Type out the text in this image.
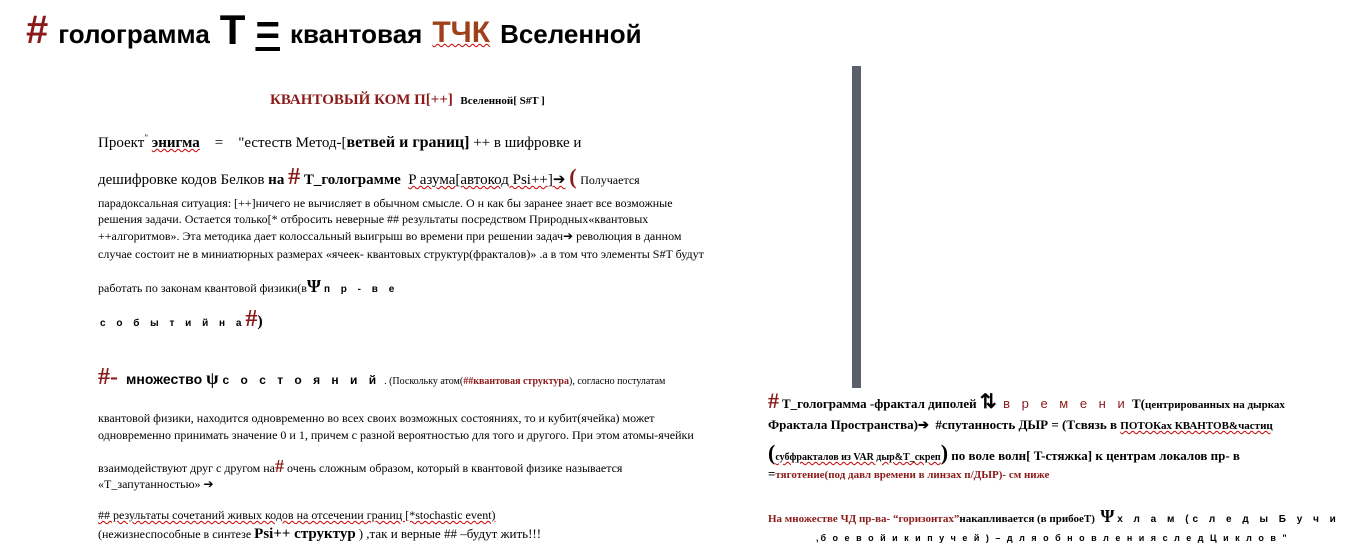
# голограмма T = квантовая ТЧК Вселенной
КВАНТОВЫЙ КОМ П[++] Вселенной[ S#T ]
Проект" энигма = "естеств Метод-[ветвей и границ] ++ в шифровке и
дешифровке кодов Белков на # T_голограмме P азума[автокод Psi++]➔ ( Получается
парадоксальная ситуация: [++]ничего не вычисляет в обычном смысле. О н как бы заранее знает все возможные
решения задачи. Остается только[* отбросить неверные ## результаты посредством Природных«квантовых
++алгоритмов». Эта методика дает колоссальный выигрыш во времени при решении задач➔ революция в данном
случае состоит не в миниатюрных размерах «ячеек- квантовых структур(фракталов)» .а в том что элементы S#T будут
работать по законам квантовой физики(вΨ п р - в е
с о б ы т и й н а#)
#- множество ψ с о с т о я н и й . (Поскольку атом(##квантовая структура), согласно постулатам
квантовой физики, находится одновременно во всех своих возможных состояниях, то и кубит(ячейка) может
одновременно принимать значение 0 и 1, причем с разной вероятностью для того и другого. При этом атомы-ячейки
взаимодействуют друг с другом на# очень сложным образом, который в квантовой физике называется
«T_запутанностью» ➔
## результаты сочетаний живых кодов на отсечении границ [*stochastic event)
(нежизнеспособные в синтезе Psi++ структур ) ,так и верные ## –будут жить!!!
# T_голограмма -фрактал диполей ⇅ в р е м е н и T(центрированных на дырках
Фрактала Пространства)➔ #спутанность ДЫР = (Tсвязь в ПОТОКах КВАНТОВ&частиц
(субфракталов из VAR дыр&T_скреп) по воле волн[ T-стяжка] к центрам локалов пр- в
=тяготение(под давл времени в линзах п/ДЫР)- см ниже
На множестве ЧД пр-ва- “горизонтах”накапливается (в прибоеT) Ψ х л а м (с л е д ы Б у ч и
,б о е в о й и к и п у ч е й ) – д л я о б н о в л е н и я с л е д Ц и к л о в "
